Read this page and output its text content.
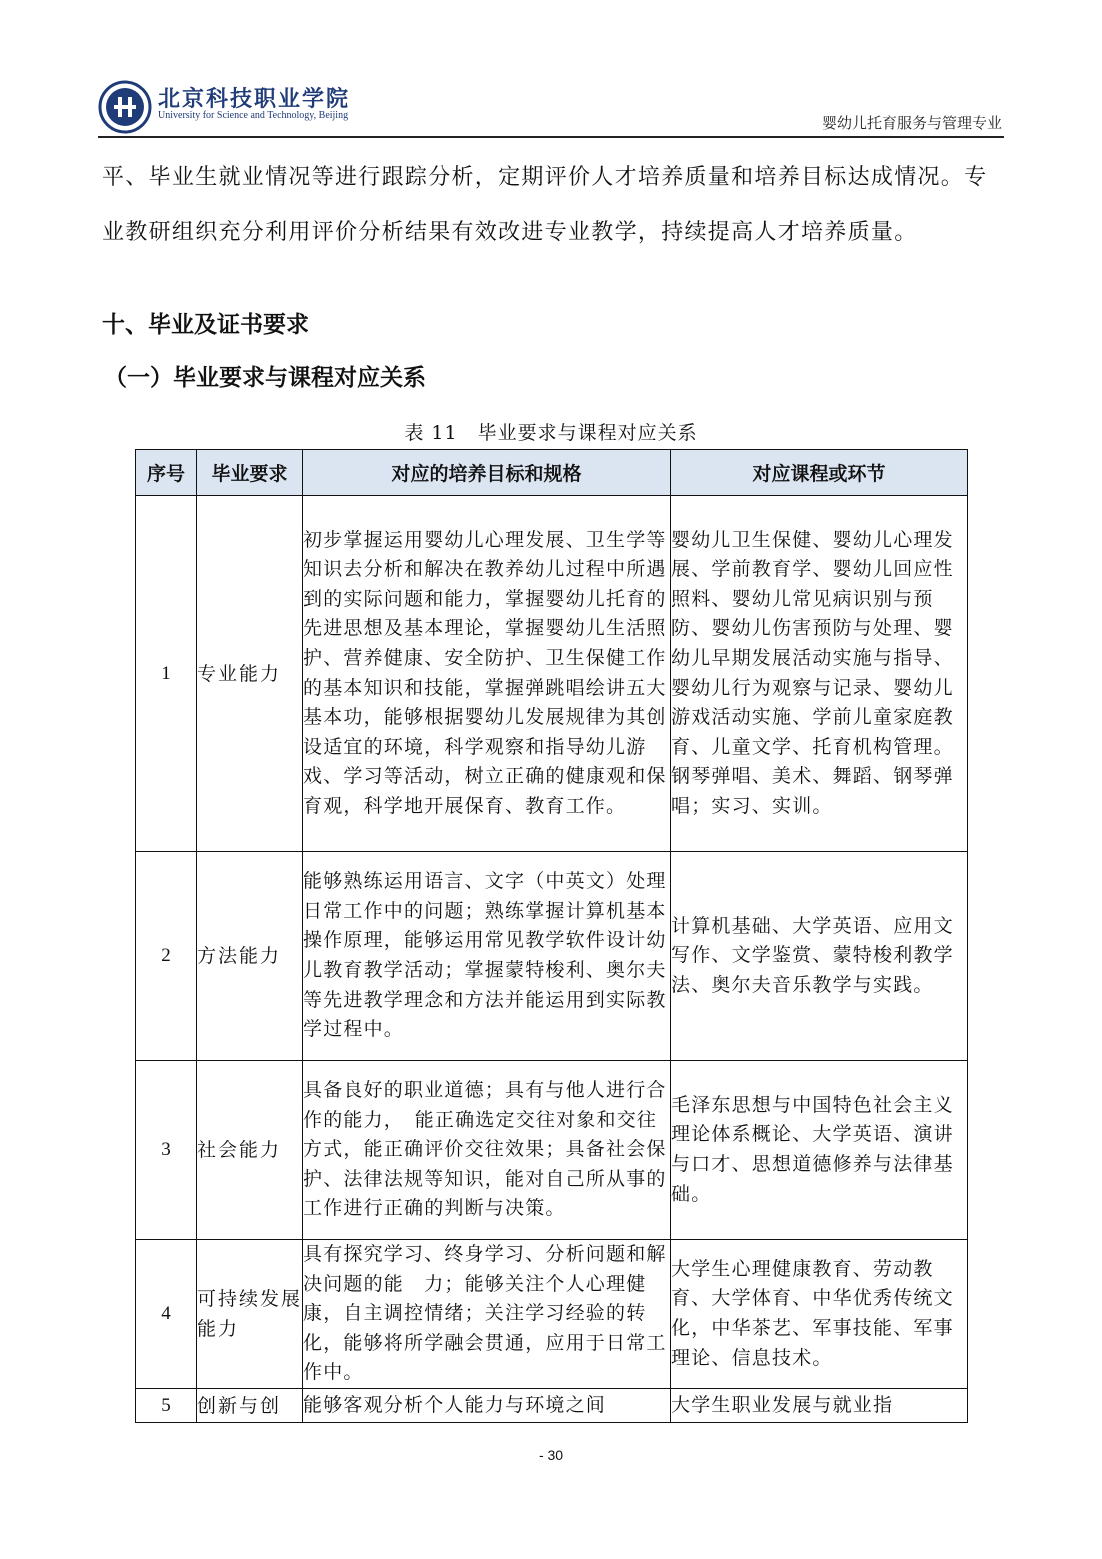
北京科技职业学院
University for Science and Technology, Beijing	婴幼儿托育服务与管理专业

平、毕业生就业情况等进行跟踪分析，定期评价人才培养质量和培养目标达成情况。专业教研组织充分利用评价分析结果有效改进专业教学，持续提高人才培养质量。

十、毕业及证书要求
（一）毕业要求与课程对应关系
表 11　毕业要求与课程对应关系
序号	毕业要求	对应的培养目标和规格	对应课程或环节
1	专业能力	初步掌握运用婴幼儿心理发展、卫生学等知识去分析和解决在教养幼儿过程中所遇到的实际问题和能力，掌握婴幼儿托育的先进思想及基本理论，掌握婴幼儿生活照护、营养健康、安全防护、卫生保健工作的基本知识和技能，掌握弹跳唱绘讲五大基本功，能够根据婴幼儿发展规律为其创设适宜的环境，科学观察和指导幼儿游戏、学习等活动，树立正确的健康观和保育观，科学地开展保育、教育工作。	婴幼儿卫生保健、婴幼儿心理发展、学前教育学、婴幼儿回应性照料、婴幼儿常见病识别与预防、婴幼儿伤害预防与处理、婴幼儿早期发展活动实施与指导、婴幼儿行为观察与记录、婴幼儿游戏活动实施、学前儿童家庭教育、儿童文学、托育机构管理。钢琴弹唱、美术、舞蹈、钢琴弹唱；实习、实训。
2	方法能力	能够熟练运用语言、文字（中英文）处理日常工作中的问题；熟练掌握计算机基本操作原理，能够运用常见教学软件设计幼儿教育教学活动；掌握蒙特梭利、奥尔夫等先进教学理念和方法并能运用到实际教学过程中。	计算机基础、大学英语、应用文写作、文学鉴赏、蒙特梭利教学法、奥尔夫音乐教学与实践。
3	社会能力	具备良好的职业道德；具有与他人进行合作的能力，　能正确选定交往对象和交往方式，能正确评价交往效果；具备社会保护、法律法规等知识，能对自己所从事的工作进行正确的判断与决策。	毛泽东思想与中国特色社会主义理论体系概论、大学英语、演讲与口才、思想道德修养与法律基础。
4	可持续发展能力	具有探究学习、终身学习、分析问题和解决问题的能　力；能够关注个人心理健康，自主调控情绪；关注学习经验的转化，能够将所学融会贯通，应用于日常工作中。	大学生心理健康教育、劳动教育、大学体育、中华优秀传统文化，中华茶艺、军事技能、军事理论、信息技术。
5	创新与创	能够客观分析个人能力与环境之间	大学生职业发展与就业指
- 30
